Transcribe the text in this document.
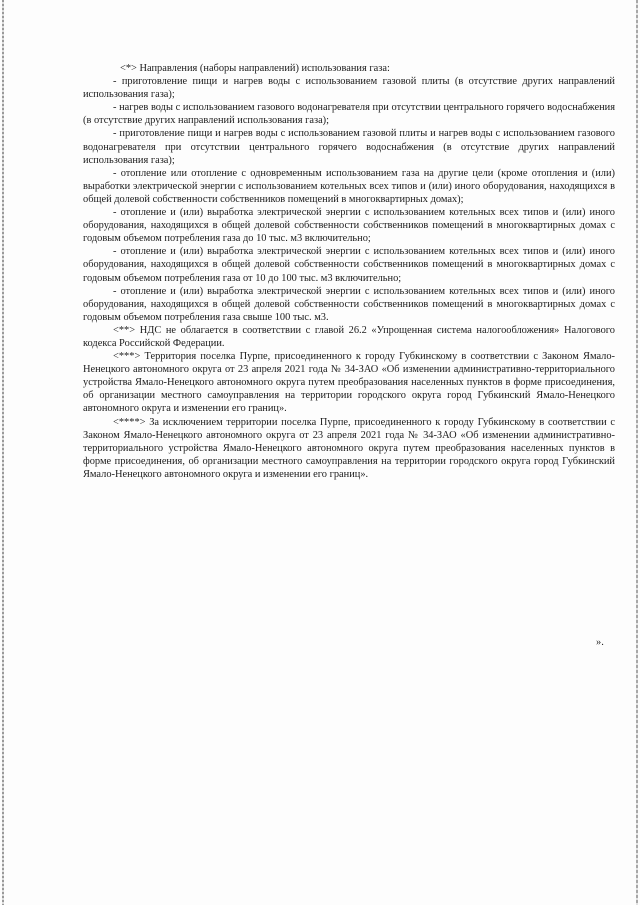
<*> Направления (наборы направлений) использования газа:

- приготовление пищи и нагрев воды с использованием газовой плиты (в отсутствие других направлений использования газа);

- нагрев воды с использованием газового водонагревателя при отсутствии центрального горячего водоснабжения (в отсутствие других направлений использования газа);

- приготовление пищи и нагрев воды с использованием газовой плиты и нагрев воды с использованием газового водонагревателя при отсутствии центрального горячего водоснабжения (в отсутствие других направлений использования газа);

- отопление или отопление с одновременным использованием газа на другие цели (кроме отопления и (или) выработки электрической энергии с использованием котельных всех типов и (или) иного оборудования, находящихся в общей долевой собственности собственников помещений в многоквартирных домах);

- отопление и (или) выработка электрической энергии с использованием котельных всех типов и (или) иного оборудования, находящихся в общей долевой собственности собственников помещений в многоквартирных домах с годовым объемом потребления газа до 10 тыс. м3 включительно;

- отопление и (или) выработка электрической энергии с использованием котельных всех типов и (или) иного оборудования, находящихся в общей долевой собственности собственников помещений в многоквартирных домах с годовым объемом потребления газа от 10 до 100 тыс. м3 включительно;

- отопление и (или) выработка электрической энергии с использованием котельных всех типов и (или) иного оборудования, находящихся в общей долевой собственности собственников помещений в многоквартирных домах с годовым объемом потребления газа свыше 100 тыс. м3.

<**> НДС не облагается в соответствии с главой 26.2 «Упрощенная система налогообложения» Налогового кодекса Российской Федерации.

<***> Территория поселка Пурпе, присоединенного к городу Губкинскому в соответствии с Законом Ямало-Ненецкого автономного округа от 23 апреля 2021 года № 34-ЗАО «Об изменении административно-территориального устройства Ямало-Ненецкого автономного округа путем преобразования населенных пунктов в форме присоединения, об организации местного самоуправления на территории городского округа город Губкинский Ямало-Ненецкого автономного округа и изменении его границ».

<****> За исключением территории поселка Пурпе, присоединенного к городу Губкинскому в соответствии с Законом Ямало-Ненецкого автономного округа от 23 апреля 2021 года № 34-ЗАО «Об изменении административно-территориального устройства Ямало-Ненецкого автономного округа путем преобразования населенных пунктов в форме присоединения, об организации местного самоуправления на территории городского округа город Губкинский Ямало-Ненецкого автономного округа и изменении его границ».

».
